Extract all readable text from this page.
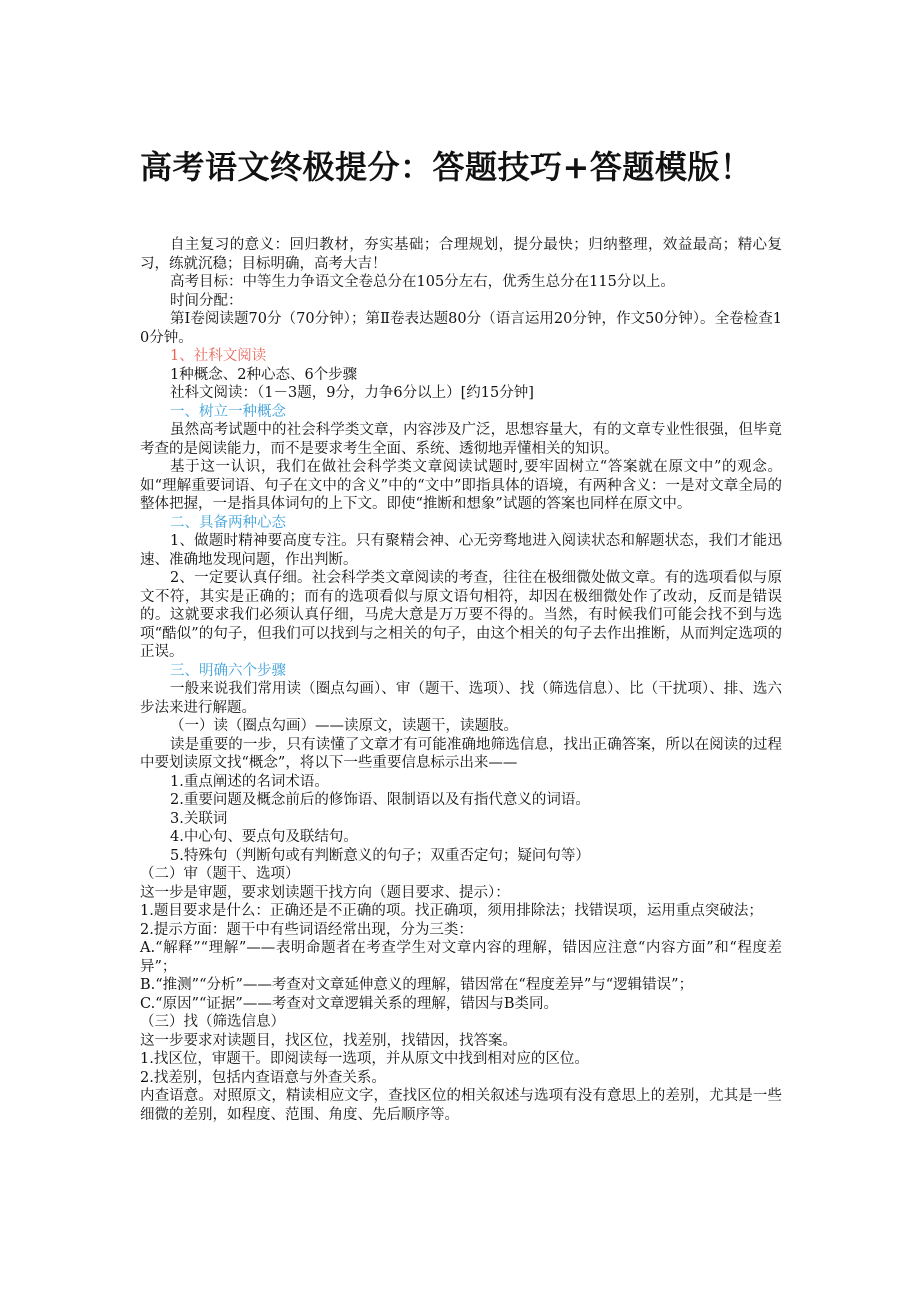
高考语文终极提分：答题技巧+答题模版！

自主复习的意义：回归教材，夯实基础；合理规划，提分最快；归纳整理，效益最高；精心复习，练就沉稳；目标明确，高考大吉！

高考目标：中等生力争语文全卷总分在105分左右，优秀生总分在115分以上。

时间分配：

第Ⅰ卷阅读题70分（70分钟）；第Ⅱ卷表达题80分（语言运用20分钟，作文50分钟）。全卷检查10分钟。

1、社科文阅读

1种概念、2种心态、6个步骤

社科文阅读：（1－3题，9分，力争6分以上）[约15分钟]

一、树立一种概念

虽然高考试题中的社会科学类文章，内容涉及广泛，思想容量大，有的文章专业性很强，但毕竟考查的是阅读能力，而不是要求考生全面、系统、透彻地弄懂相关的知识。

基于这一认识，我们在做社会科学类文章阅读试题时,要牢固树立“答案就在原文中”的观念。如“理解重要词语、句子在文中的含义”中的“文中”即指具体的语境，有两种含义：一是对文章全局的整体把握，一是指具体词句的上下文。即使“推断和想象”试题的答案也同样在原文中。

二、具备两种心态

1、做题时精神要高度专注。只有聚精会神、心无旁骛地进入阅读状态和解题状态，我们才能迅速、准确地发现问题，作出判断。

2、一定要认真仔细。社会科学类文章阅读的考查，往往在极细微处做文章。有的选项看似与原文不符，其实是正确的；而有的选项看似与原文语句相符，却因在极细微处作了改动，反而是错误的。这就要求我们必须认真仔细，马虎大意是万万要不得的。当然，有时候我们可能会找不到与选项“酷似”的句子，但我们可以找到与之相关的句子，由这个相关的句子去作出推断，从而判定选项的正误。

三、明确六个步骤

一般来说我们常用读（圈点勾画）、审（题干、选项）、找（筛选信息）、比（干扰项）、排、选六步法来进行解题。

（一）读（圈点勾画）——读原文，读题干，读题肢。

读是重要的一步，只有读懂了文章才有可能准确地筛选信息，找出正确答案，所以在阅读的过程中要划读原文找“概念”，将以下一些重要信息标示出来——

1.重点阐述的名词术语。

2.重要问题及概念前后的修饰语、限制语以及有指代意义的词语。

3.关联词

4.中心句、要点句及联结句。

5.特殊句（判断句或有判断意义的句子；双重否定句；疑问句等）

（二）审（题干、选项）

这一步是审题，要求划读题干找方向（题目要求、提示）：

1.题目要求是什么：正确还是不正确的项。找正确项，须用排除法；找错误项，运用重点突破法；

2.提示方面：题干中有些词语经常出现，分为三类：

A.“解释”“理解”——表明命题者在考查学生对文章内容的理解，错因应注意“内容方面”和“程度差异”；

B.“推测”“分析”——考查对文章延伸意义的理解，错因常在“程度差异”与“逻辑错误”；

C.“原因”“证据”——考查对文章逻辑关系的理解，错因与B类同。

（三）找（筛选信息）

这一步要求对读题目，找区位，找差别，找错因，找答案。

1.找区位，审题干。即阅读每一选项，并从原文中找到相对应的区位。

2.找差别，包括内查语意与外查关系。

内查语意。对照原文，精读相应文字，查找区位的相关叙述与选项有没有意思上的差别，尤其是一些细微的差别，如程度、范围、角度、先后顺序等。
